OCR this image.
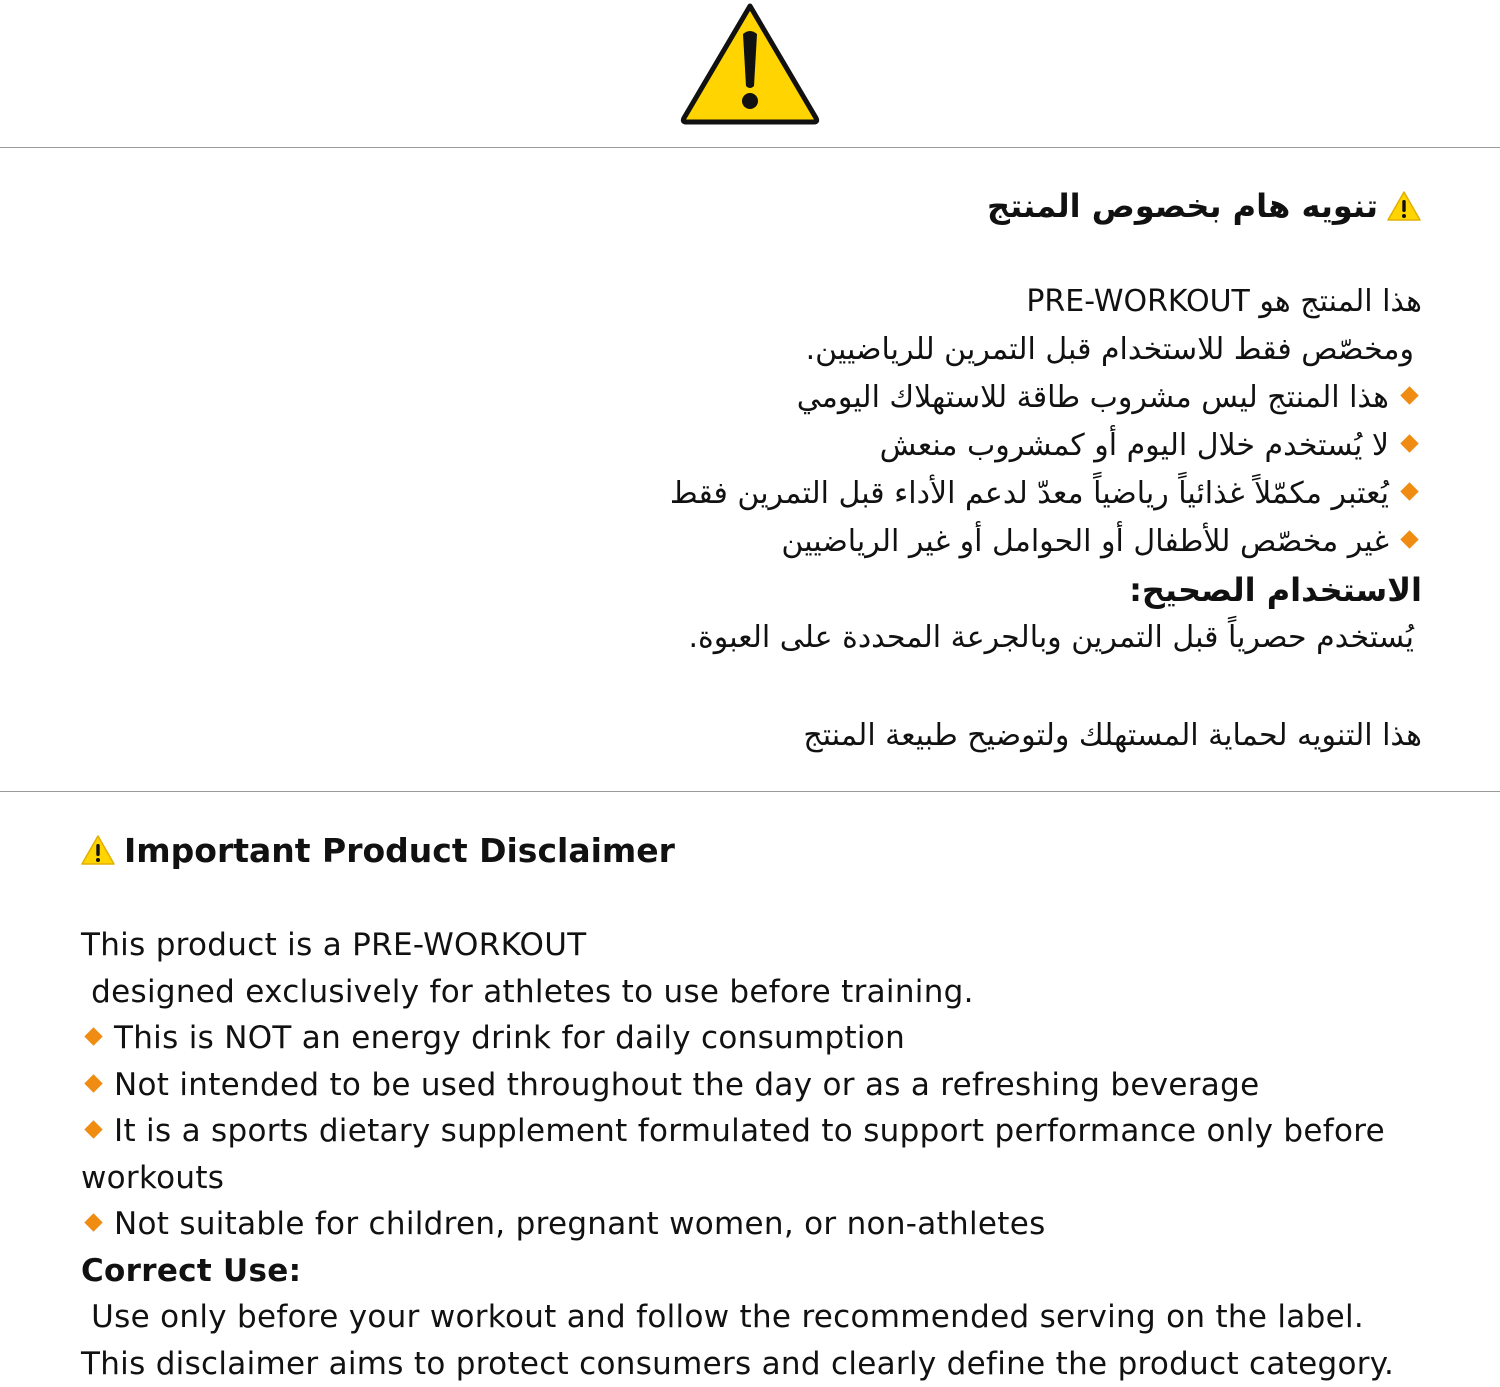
تنويه هام بخصوص المنتج
هذا المنتج هو PRE-WORKOUT
ومخصّص فقط للاستخدام قبل التمرين للرياضيين.
هذا المنتج ليس مشروب طاقة للاستهلاك اليومي
لا يُستخدم خلال اليوم أو كمشروب منعش
يُعتبر مكمّلاً غذائياً رياضياً معدّ لدعم الأداء قبل التمرين فقط
غير مخصّص للأطفال أو الحوامل أو غير الرياضيين
الاستخدام الصحيح:
يُستخدم حصرياً قبل التمرين وبالجرعة المحددة على العبوة.
هذا التنويه لحماية المستهلك ولتوضيح طبيعة المنتج
Important Product Disclaimer
This product is a PRE-WORKOUT
designed exclusively for athletes to use before training.
This is NOT an energy drink for daily consumption
Not intended to be used throughout the day or as a refreshing beverage
It is a sports dietary supplement formulated to support performance only before workouts
Not suitable for children, pregnant women, or non-athletes
Correct Use:
Use only before your workout and follow the recommended serving on the label.
This disclaimer aims to protect consumers and clearly define the product category.
